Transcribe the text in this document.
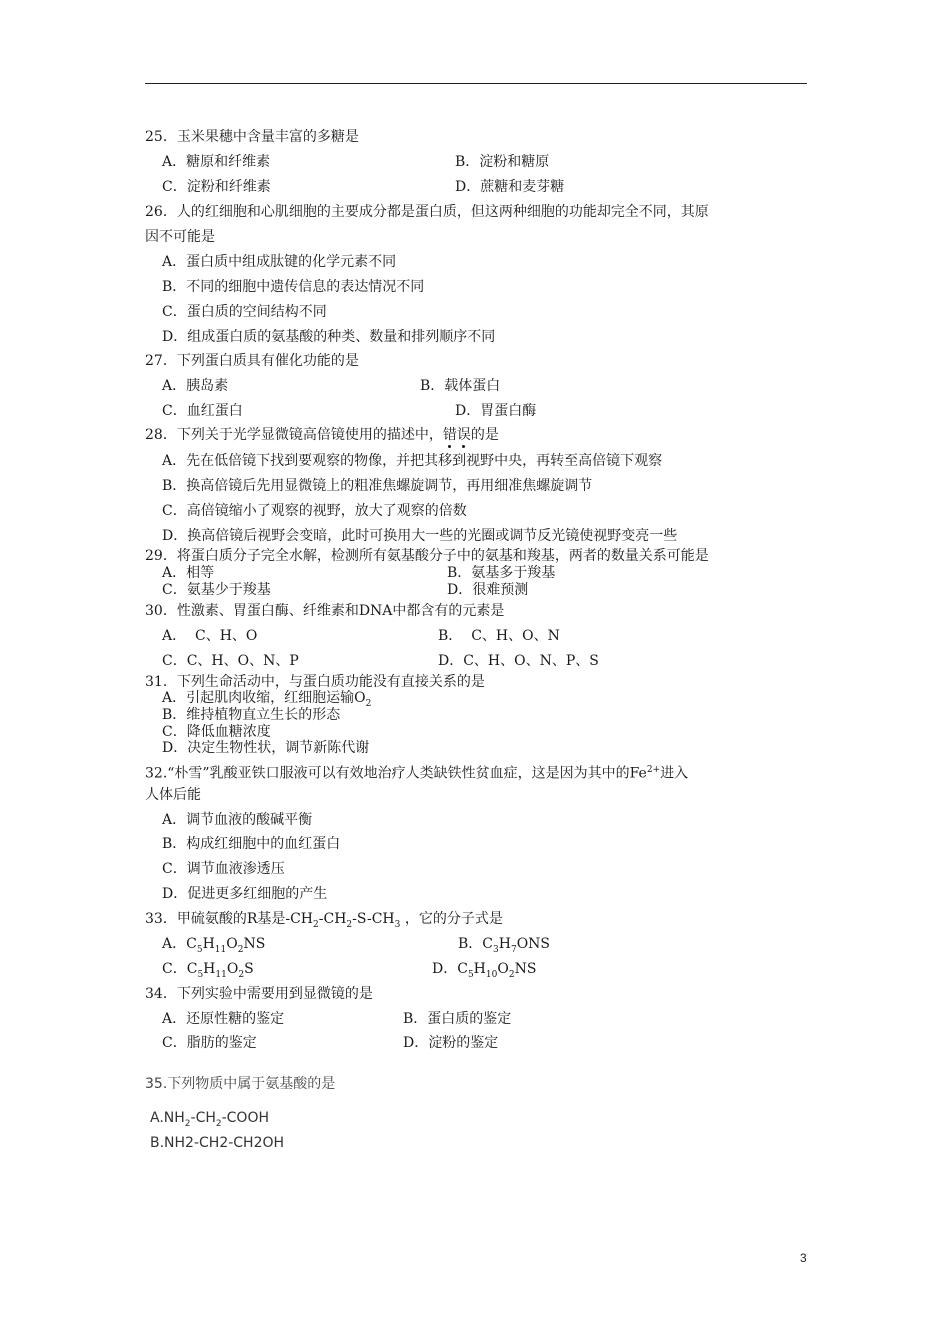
25．玉米果穗中含量丰富的多糖是
A．糖原和纤维素	B．淀粉和糖原
C．淀粉和纤维素	D．蔗糖和麦芽糖
26．人的红细胞和心肌细胞的主要成分都是蛋白质，但这两种细胞的功能却完全不同，其原
因不可能是
A．蛋白质中组成肽键的化学元素不同
B．不同的细胞中遗传信息的表达情况不同
C．蛋白质的空间结构不同
D．组成蛋白质的氨基酸的种类、数量和排列顺序不同
27．下列蛋白质具有催化功能的是
A．胰岛素	B．载体蛋白
C．血红蛋白	D．胃蛋白酶
28．下列关于光学显微镜高倍镜使用的描述中，错误的是
A．先在低倍镜下找到要观察的物像，并把其移到视野中央，再转至高倍镜下观察
B．换高倍镜后先用显微镜上的粗准焦螺旋调节，再用细准焦螺旋调节
C．高倍镜缩小了观察的视野，放大了观察的倍数
D．换高倍镜后视野会变暗，此时可换用大一些的光圈或调节反光镜使视野变亮一些
29．将蛋白质分子完全水解，检测所有氨基酸分子中的氨基和羧基，两者的数量关系可能是
A．相等	B．氨基多于羧基
C．氨基少于羧基	D．很难预测
30．性激素、胃蛋白酶、纤维素和DNA中都含有的元素是
A．  C、H、O	B．  C、H、O、N
C．C、H、O、N、P	D．C、H、O、N、P、S
31．下列生命活动中，与蛋白质功能没有直接关系的是
A．引起肌肉收缩，红细胞运输$O_2$
B．维持植物直立生长的形态
C．降低血糖浓度
D．决定生物性状，调节新陈代谢
32.“朴雪”乳酸亚铁口服液可以有效地治疗人类缺铁性贫血症，这是因为其中的$Fe^{2+}$进入
人体后能
A．调节血液的酸碱平衡
B．构成红细胞中的血红蛋白
C．调节血液渗透压
D．促进更多红细胞的产生
33．甲硫氨酸的R基是$-CH_2-CH_2-S-CH_3$ ，它的分子式是
A．$C_5H_{11}O_2NS$	B．$C_3H_7ONS$
C．$C_5H_{11}O_2S$	D．$C_5H_{10}O_2NS$
34．下列实验中需要用到显微镜的是
A．还原性糖的鉴定	B．蛋白质的鉴定
C．脂肪的鉴定	D．淀粉的鉴定
35.下列物质中属于氨基酸的是
$A.NH_2-CH_2$-COOH
B.NH2-CH2-CH2OH
3
